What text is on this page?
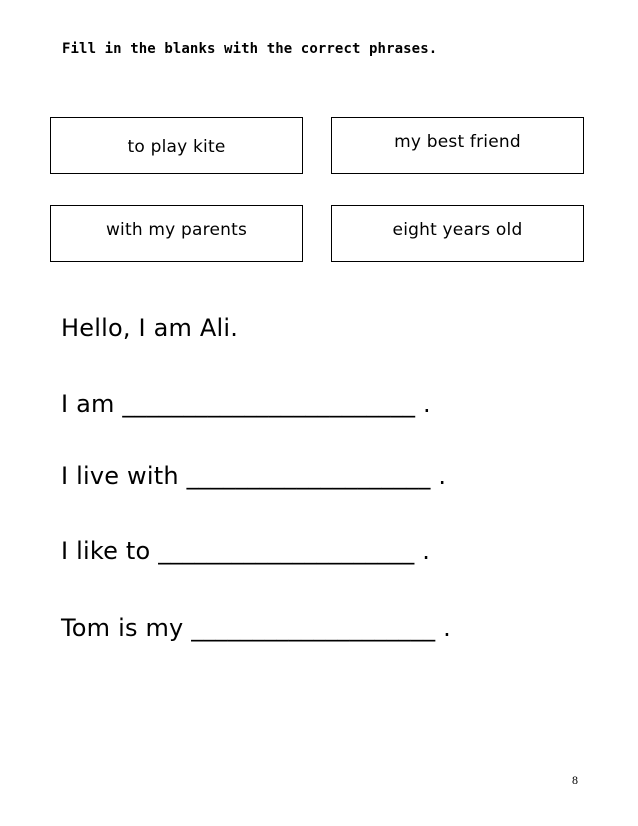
Fill in the blanks with the correct phrases.
to play kite	my best friend
with my parents	eight years old
Hello, I am Ali.
I am ________________________ .
I live with ____________________ .
I like to _____________________ .
Tom is my ____________________ .
8
